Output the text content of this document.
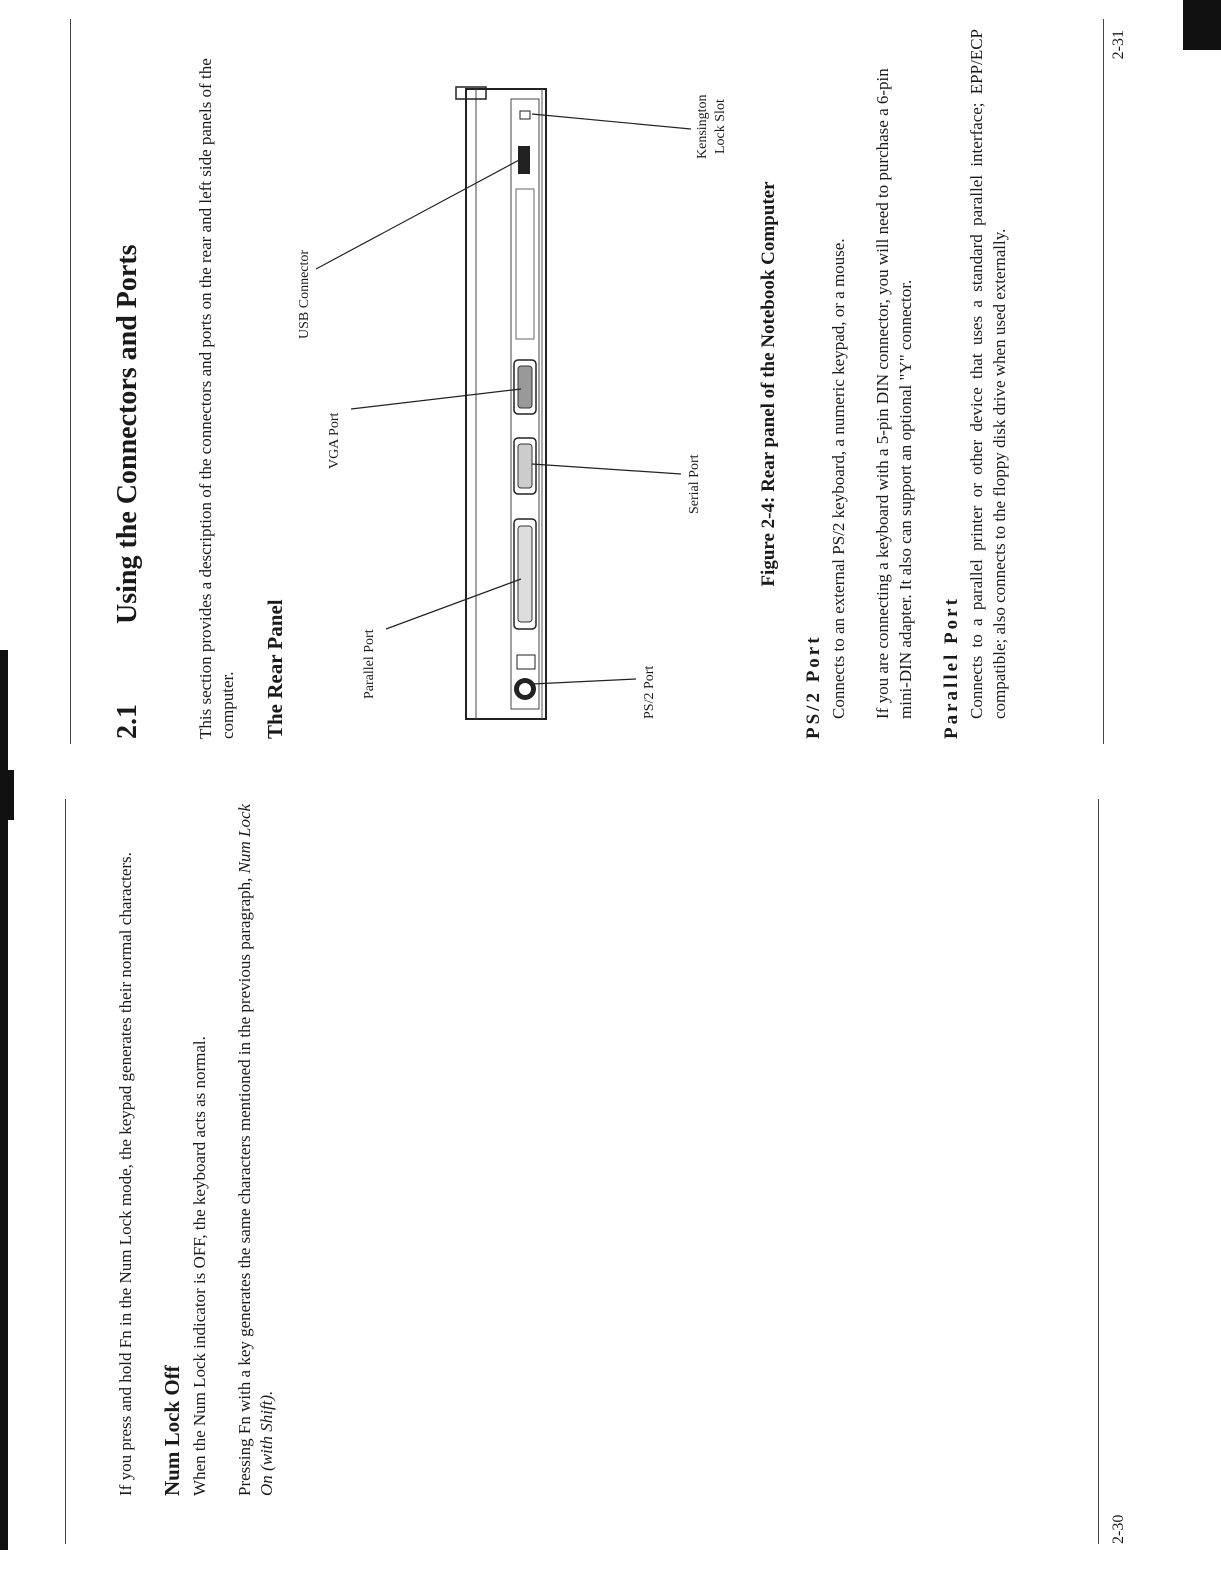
If you press and hold Fn in the Num Lock mode, the keypad generates their normal characters. Num Lock Off When the Num Lock indicator is OFF, the keyboard acts as normal. Pressing Fn with a key generates the same characters mentioned in the previous paragraph, Num Lock On (with Shift).

2-30
2.1Using the Connectors and Ports	This section provides a description of the connectors and ports on the rear and left side panels of the computer. The Rear Panel	Parallel Port
VGA Port
USB Connector
PS/2 Port
Serial Port
Kensington Lock Slot
Figure 2-4: Rear panel of the Notebook Computer
PS/2 Port Connects to an external PS/2 keyboard, a numeric keypad, or a mouse. If you are connecting a keyboard with a 5-pin DIN connector, you will need to purchase a 6-pin mini-DIN adapter. It also can support an optional "Y" connector. Parallel Port Connects to a parallel printer or other device that uses a standard parallel interface; EPP/ECP compatible; also connects to the floppy disk drive when used externally.

2-31
